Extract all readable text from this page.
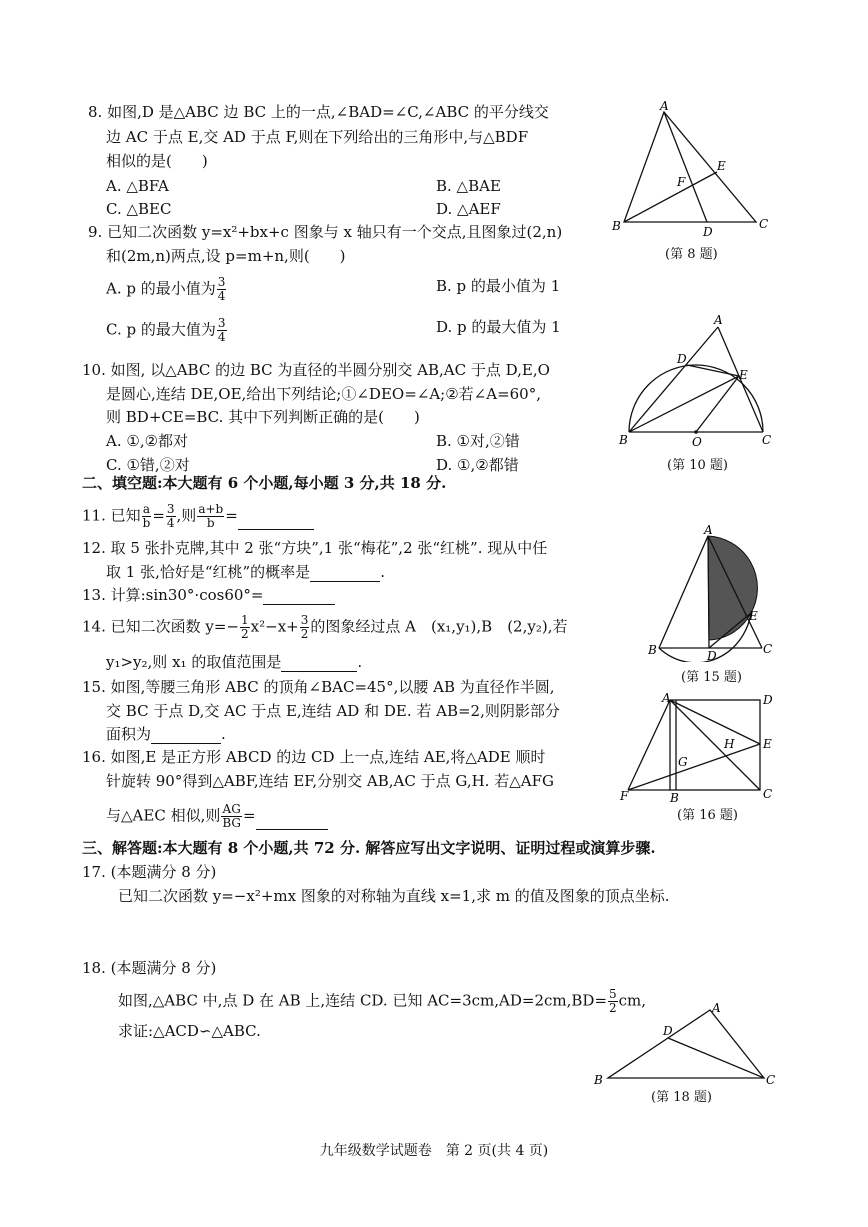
8. 如图,D 是△ABC 边 BC 上的一点,∠BAD=∠C,∠ABC 的平分线交
边 AC 于点 E,交 AD 于点 F,则在下列给出的三角形中,与△BDF
相似的是(　　)
A. △BFA	B. △BAE
C. △BEC	D. △AEF
A
B	C
D
E
F
(第 8 题)
9. 已知二次函数 y=x²+bx+c 图象与 x 轴只有一个交点,且图象过(2,n)
和(2m,n)两点,设 p=m+n,则(　　)
A. p 的最小值为 $\frac{3}{4}$	B. p 的最小值为 1
C. p 的最大值为 $\frac{3}{4}$	D. p 的最大值为 1
10. 如图, 以△ABC 的边 BC 为直径的半圆分别交 AB,AC 于点 D,E,O
是圆心,连结 DE,OE,给出下列结论;①∠DEO=∠A;②若∠A=60°,
则 BD+CE=BC. 其中下列判断正确的是(　　)
A. ①,②都对	B. ①对,②错
C. ①错,②对	D. ①,②都错
A
B	C
D
E
O
(第 10 题)
二、填空题:本大题有 6 个小题,每小题 3 分,共 18 分.
11. 已知 $\frac{a}{b} = \frac{3}{4}$ ,则 $\frac{a+b}{b}$ =
12. 取 5 张扑克牌,其中 2 张“方块”,1 张“梅花”,2 张“红桃”. 现从中任
取 1 张,恰好是“红桃”的概率是	.
13. 计算:sin30°·cos60°=
14. 已知二次函数 $y=- \frac{1}{2} x^2-x+ \frac{3}{2}$ 的图象经过点 A　(x₁,y₁),B　(2,y₂),若
y₁>y₂,则 x₁ 的取值范围是	.
A
B	C
D
E
(第 15 题)
15. 如图,等腰三角形 ABC 的顶角∠BAC=45°,以腰 AB 为直径作半圆,
交 BC 于点 D,交 AC 于点 E,连结 AD 和 DE. 若 AB=2,则阴影部分
面积为	.
16. 如图,E 是正方形 ABCD 的边 CD 上一点,连结 AE,将△ADE 顺时
针旋转 90°得到△ABF,连结 EF,分别交 AB,AC 于点 G,H. 若△AFG
与△AEC 相似,则 $\frac{AG}{BG}$ =
A
B	C
D
E
F
G
H
(第 16 题)
三、解答题:本大题有 8 个小题,共 72 分. 解答应写出文字说明、证明过程或演算步骤.
17. (本题满分 8 分)
已知二次函数 y=−x²+mx 图象的对称轴为直线 x=1,求 m 的值及图象的顶点坐标.
18. (本题满分 8 分)
如图,△ABC 中,点 D 在 AB 上,连结 CD. 已知 $AC=3cm,AD=2cm,BD= \frac{5}{2}$ cm,
求证:△ACD∽△ABC.
A
B	C
D
(第 18 题)
九年级数学试题卷　第 2 页(共 4 页)
